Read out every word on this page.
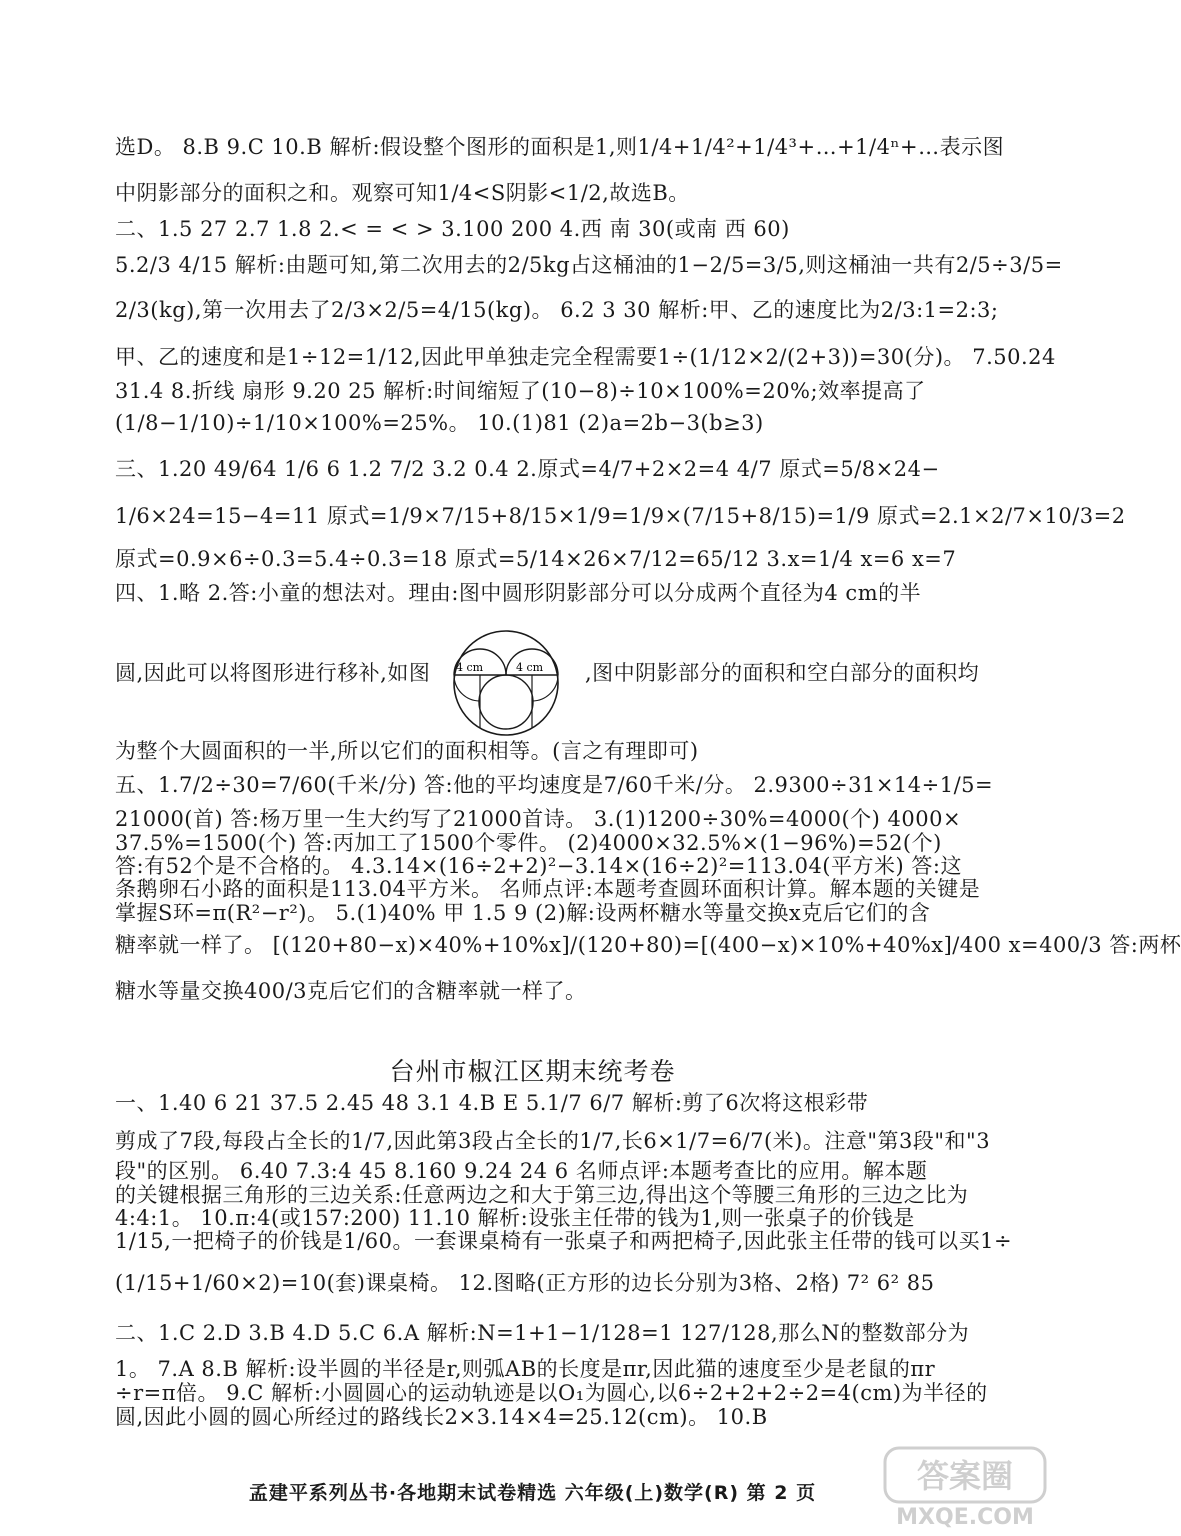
选D。 8.B 9.C 10.B 解析:假设整个图形的面积是1,则1/4+1/4²+1/4³+…+1/4ⁿ+…表示图
中阴影部分的面积之和。观察可知1/4<S阴影<1/2,故选B。
二、1.5 27 2.7 1.8 2.< = < > 3.100 200 4.西 南 30(或南 西 60)
5.2/3 4/15 解析:由题可知,第二次用去的2/5kg占这桶油的1−2/5=3/5,则这桶油一共有2/5÷3/5=
2/3(kg),第一次用去了2/3×2/5=4/15(kg)。 6.2 3 30 解析:甲、乙的速度比为2/3:1=2:3;
甲、乙的速度和是1÷12=1/12,因此甲单独走完全程需要1÷(1/12×2/(2+3))=30(分)。 7.50.24
31.4 8.折线 扇形 9.20 25 解析:时间缩短了(10−8)÷10×100%=20%;效率提高了
(1/8−1/10)÷1/10×100%=25%。 10.(1)81 (2)a=2b−3(b≥3)
三、1.20 49/64 1/6 6 1.2 7/2 3.2 0.4 2.原式=4/7+2×2=4 4/7 原式=5/8×24−
1/6×24=15−4=11 原式=1/9×7/15+8/15×1/9=1/9×(7/15+8/15)=1/9 原式=2.1×2/7×10/3=2
原式=0.9×6÷0.3=5.4÷0.3=18 原式=5/14×26×7/12=65/12 3.x=1/4 x=6 x=7
四、1.略 2.答:小童的想法对。理由:图中圆形阴影部分可以分成两个直径为4 cm的半
圆,因此可以将图形进行移补,如图	,图中阴影部分的面积和空白部分的面积均
4 cm	4 cm
为整个大圆面积的一半,所以它们的面积相等。(言之有理即可)
五、1.7/2÷30=7/60(千米/分) 答:他的平均速度是7/60千米/分。 2.9300÷31×14÷1/5=
21000(首) 答:杨万里一生大约写了21000首诗。 3.(1)1200÷30%=4000(个) 4000×
37.5%=1500(个) 答:丙加工了1500个零件。 (2)4000×32.5%×(1−96%)=52(个)
答:有52个是不合格的。 4.3.14×(16÷2+2)²−3.14×(16÷2)²=113.04(平方米) 答:这
条鹅卵石小路的面积是113.04平方米。 名师点评:本题考查圆环面积计算。解本题的关键是
掌握S环=π(R²−r²)。 5.(1)40% 甲 1.5 9 (2)解:设两杯糖水等量交换x克后它们的含
糖率就一样了。 [(120+80−x)×40%+10%x]/(120+80)=[(400−x)×10%+40%x]/400 x=400/3 答:两杯
糖水等量交换400/3克后它们的含糖率就一样了。
台州市椒江区期末统考卷
一、1.40 6 21 37.5 2.45 48 3.1 4.B E 5.1/7 6/7 解析:剪了6次将这根彩带
剪成了7段,每段占全长的1/7,因此第3段占全长的1/7,长6×1/7=6/7(米)。注意"第3段"和"3
段"的区别。 6.40 7.3:4 45 8.160 9.24 24 6 名师点评:本题考查比的应用。解本题
的关键根据三角形的三边关系:任意两边之和大于第三边,得出这个等腰三角形的三边之比为
4:4:1。 10.π:4(或157:200) 11.10 解析:设张主任带的钱为1,则一张桌子的价钱是
1/15,一把椅子的价钱是1/60。一套课桌椅有一张桌子和两把椅子,因此张主任带的钱可以买1÷
(1/15+1/60×2)=10(套)课桌椅。 12.图略(正方形的边长分别为3格、2格) 7² 6² 85
二、1.C 2.D 3.B 4.D 5.C 6.A 解析:N=1+1−1/128=1 127/128,那么N的整数部分为
1。 7.A 8.B 解析:设半圆的半径是r,则弧AB的长度是πr,因此猫的速度至少是老鼠的πr
÷r=π倍。 9.C 解析:小圆圆心的运动轨迹是以O₁为圆心,以6÷2+2+2÷2=4(cm)为半径的
圆,因此小圆的圆心所经过的路线长2×3.14×4=25.12(cm)。 10.B
孟建平系列丛书·各地期末试卷精选 六年级(上)数学(R) 第 2 页	答案圈
MXQE.COM
